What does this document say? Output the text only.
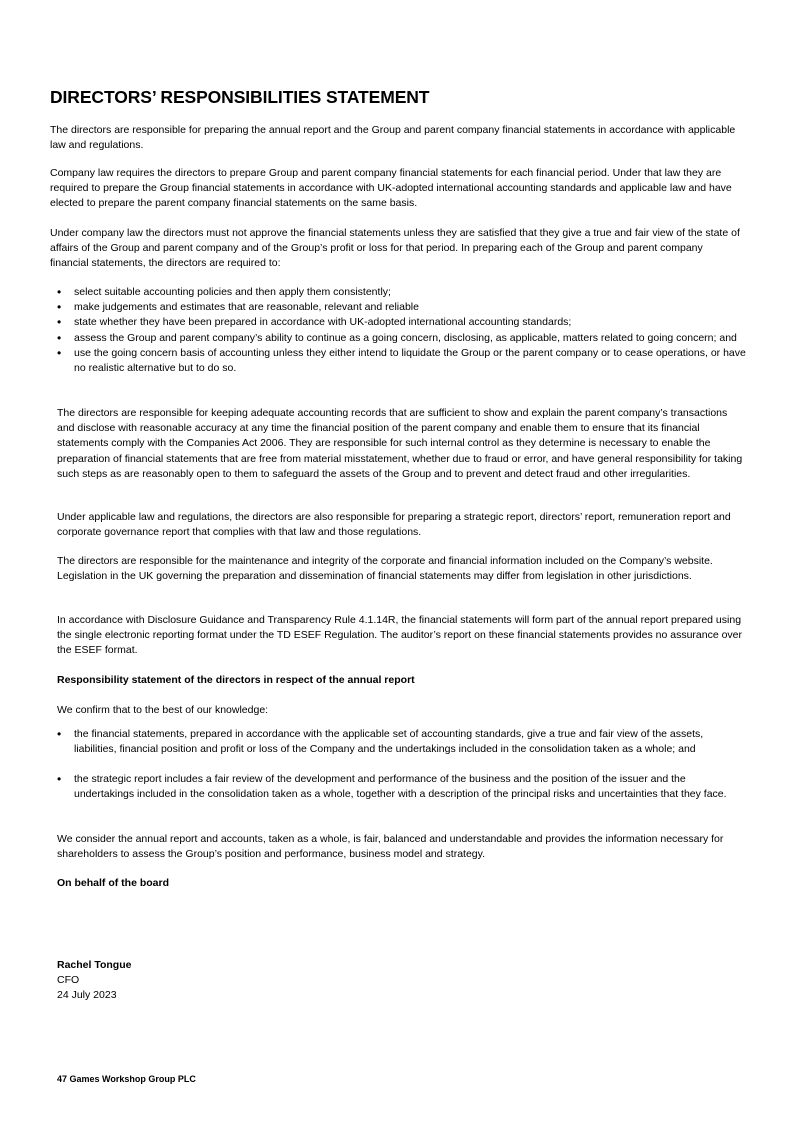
DIRECTORS’ RESPONSIBILITIES STATEMENT

The directors are responsible for preparing the annual report and the Group and parent company financial statements in accordance with applicable law and regulations.

Company law requires the directors to prepare Group and parent company financial statements for each financial period. Under that law they are required to prepare the Group financial statements in accordance with UK-adopted international accounting standards and applicable law and have elected to prepare the parent company financial statements on the same basis.

Under company law the directors must not approve the financial statements unless they are satisfied that they give a true and fair view of the state of affairs of the Group and parent company and of the Group’s profit or loss for that period. In preparing each of the Group and parent company financial statements, the directors are required to:

• select suitable accounting policies and then apply them consistently;
• make judgements and estimates that are reasonable, relevant and reliable
• state whether they have been prepared in accordance with UK-adopted international accounting standards;
• assess the Group and parent company’s ability to continue as a going concern, disclosing, as applicable, matters related to going concern; and
• use the going concern basis of accounting unless they either intend to liquidate the Group or the parent company or to cease operations, or have no realistic alternative but to do so.

The directors are responsible for keeping adequate accounting records that are sufficient to show and explain the parent company’s transactions and disclose with reasonable accuracy at any time the financial position of the parent company and enable them to ensure that its financial statements comply with the Companies Act 2006. They are responsible for such internal control as they determine is necessary to enable the preparation of financial statements that are free from material misstatement, whether due to fraud or error, and have general responsibility for taking such steps as are reasonably open to them to safeguard the assets of the Group and to prevent and detect fraud and other irregularities.

Under applicable law and regulations, the directors are also responsible for preparing a strategic report, directors’ report, remuneration report and corporate governance report that complies with that law and those regulations.

The directors are responsible for the maintenance and integrity of the corporate and financial information included on the Company’s website. Legislation in the UK governing the preparation and dissemination of financial statements may differ from legislation in other jurisdictions.

In accordance with Disclosure Guidance and Transparency Rule 4.1.14R, the financial statements will form part of the annual report prepared using the single electronic reporting format under the TD ESEF Regulation. The auditor’s report on these financial statements provides no assurance over the ESEF format.

Responsibility statement of the directors in respect of the annual report

We confirm that to the best of our knowledge:

• the financial statements, prepared in accordance with the applicable set of accounting standards, give a true and fair view of the assets, liabilities, financial position and profit or loss of the Company and the undertakings included in the consolidation taken as a whole; and
• the strategic report includes a fair review of the development and performance of the business and the position of the issuer and the undertakings included in the consolidation taken as a whole, together with a description of the principal risks and uncertainties that they face.

We consider the annual report and accounts, taken as a whole, is fair, balanced and understandable and provides the information necessary for shareholders to assess the Group’s position and performance, business model and strategy.

On behalf of the board

Rachel Tongue
CFO
24 July 2023
47 Games Workshop Group PLC
